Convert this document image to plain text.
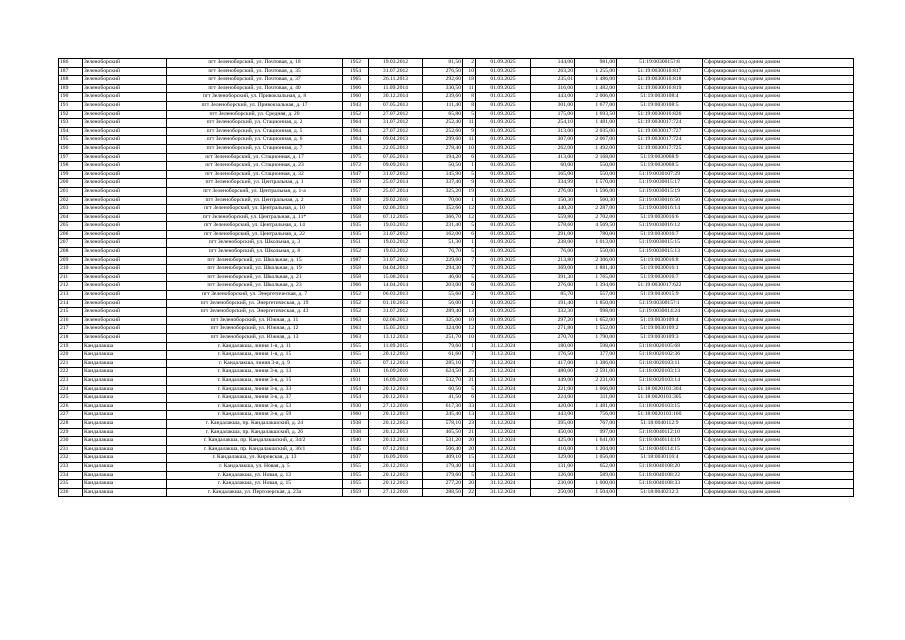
186	Зеленоборский	пгт Зеленоборский, ул. Почтовая, д. 18	1952	19.03.2012	81,50	2	01.09.2025	144,00	981,00	51:19:0030015?:8	Сформирован под одним домом
187	Зеленоборский	пгт Зеленоборский, ул. Почтовая, д. 35	1954	31.07.2012	276,50	10	01.09.2025	263,20	1 255,00	51:19:0030016:817	Сформирован под одним домом
188	Зеленоборский	пгт Зеленоборский, ул. Почтовая, д. 37	1965	26.11.2013	292,60	18	01.03.2025	235,01	1 486,00	51:19:0030016:818	Сформирован под одним домом
189	Зеленоборский	пгт Зеленоборский, ул. Почтовая, д. 40	1966	11.09.2014	330,50	11	01.09.2025	316,00	1 482,00	51:19:0030016:819	Сформирован под одним домом
190	Зеленоборский	пгт Зеленоборский, ул. Привокзальная, д. 8	1960	30.12.2014	239,60	8	01.03.2025	443,00	2 006,00	51:19:0030108:4	Сформирован под одним домом
191	Зеленоборский	пгт Зеленоборский, ул. Привокзальная, д. 17	1943	07.05.2013	111,40	8	01.09.2025	301,00	1 677,00	51:19:0030108:5	Сформирован под одним домом
192	Зеленоборский	пгт Зеленоборский, ул. Средняя, д. 20	1952	27.07.2012	65,80	5	01.09.2025	175,00	1 693,50	51:19:0030016:826	Сформирован под одним домом
193	Зеленоборский	пгт Зеленоборский, ул. Стационная, д. 2	1964	31.07.2012	252,40	11	01.09.2025	254,10	1 481,00	51:19:0030017:724	Сформирован под одним домом
194	Зеленоборский	пгт Зеленоборский, ул. Стационная, д. 5	1964	27.07.2012	252,60	9	01.09.2025	313,00	2 035,00	51:19:0030017:727	Сформирован под одним домом
195	Зеленоборский	пгт Зеленоборский, ул. Стационная, д. 6	1964	09.04.2013	299,60	11	01.09.2025	307,00	2 067,00	51:19:0030017:724	Сформирован под одним домом
196	Зеленоборский	пгт Зеленоборский, ул. Стационная, д. 7	1964	22.05.2013	278,40	10	01.09.2025	262,00	1 492,00	51:19:0030017:725	Сформирован под одним домом
197	Зеленоборский	пгт Зеленоборский, ул. Стационная, д. 17	1975	07.05.2013	194,20	6	01.09.2025	413,00	2 168,00	51:19:0030068:9	Сформирован под одним домом
198	Зеленоборский	пгт Зеленоборский, ул. Стационная, д. 23	1972	09.09.2013	50,50	1	01.09.2025	60,00	550,00	51:19:0030068:5	Сформирован под одним домом
199	Зеленоборский	пгт Зеленоборский, ул. Стационная, д. 32	1947	31.07.2012	145,90	5	01.09.2025	165,00	550,00	51:19:0030107:29	Сформирован под одним домом
200	Зеленоборский	пгт Зеленоборский, ул. Центральная, д. 1	1959	25.07.2014	337,40	9	01.09.2025	334,99	1 570,00	51:19:0030015:17	Сформирован под одним домом
201	Зеленоборский	пгт Зеленоборский, ул. Центральная, д. 1-а	1957	25.07.2014	325,20	19	01.03.2025	276,00	1 596,00	51:19:0030015:19	Сформирован под одним домом
202	Зеленоборский	пгт Зеленоборский, ул. Центральная, д. 2	1938	29.02.2016	70,00	1	01.09.2025	150,30	560,30	51:19:0030016:50	Сформирован под одним домом
203	Зеленоборский	пгт Зеленоборский, ул. Центральная, д. 10	1958	02.06.2013	352,60	12	01.09.2025	440,20	2 287,00	51:19:0030016:14	Сформирован под одним домом
204	Зеленоборский	пгт Зеленоборский, ул. Центральная, д. 11*	1958	07.12.2015	366,70	12	01.09.2025	559,80	2 702,00	51:19:0030016:6	Сформирован под одним домом
205	Зеленоборский	пгт Зеленоборский, ул. Центральная, д. 14	1935	19.03.2012	231,40	5	01.09.2025	578,60	4 569,50	51:19:0030016:12	Сформирован под одним домом
206	Зеленоборский	пгт Зеленоборский, ул. Центральная, д. 22	1935	31.07.2012	162,00	6	01.09.2025	291,00	780,00	51:19:0030016:7	Сформирован под одним домом
207	Зеленоборский	пгт Зеленоборский, ул. Школьная, д. 3	1951	19.03.2012	51,30	1	01.09.2025	238,00	1 013,00	51:19:0030015:15	Сформирован под одним домом
208	Зеленоборский	пгт Зеленоборский, ул. Школьная, д. 8	1952	19.03.2012	76,70	5	01.09.2025	76,00	550,00	51:19:0030015:13	Сформирован под одним домом
209	Зеленоборский	пгт Зеленоборский, ул. Школьная, д. 15	1987	31.07.2012	229,60	7	01.09.2025	213,80	2 306,00	51:19:0030016:8	Сформирован под одним домом
210	Зеленоборский	пгт Зеленоборский, ул. Школьная, д. 19	1958	04.04.2013	294,30	7	01.09.2025	369,00	1 881,40	51:19:0030016:1	Сформирован под одним домом
211	Зеленоборский	пгт Зеленоборский, ул. Школьная, д. 21	1958	15.08.2014	46,00	5	01.09.2025	391,30	1 765,00	51:19:0030016:7	Сформирован под одним домом
212	Зеленоборский	пгт Зеленоборский, ул. Школьная, д. 23	1966	14.04.2014	203,00	6	01.09.2025	276,00	1 394,06	51:19:0030017:622	Сформирован под одним домом
213	Зеленоборский	пгт Зеленоборский, ул. Энергетическая, д. 7	1952	06.03.2013	55,60	2	01.09.2025	85,70	557,00	51:19:0030015:9	Сформирован под одним домом
214	Зеленоборский	пгт Зеленоборский, ул. Энергетическая, д. 19	1952	01.10.2013	56,00	1	01.09.2025	191,40	1 850,00	51:19:0030015?:1	Сформирован под одним домом
215	Зеленоборский	пгт Зеленоборский, ул. Энергетическая, д. 43	1952	31.07.2012	289,40	13	01.09.2025	332,30	998,00	51:19:0030014:24	Сформирован под одним домом
216	Зеленоборский	пгт Зеленоборский, ул. Южная, д. 11	1963	02.06.2013	325,00	10	01.09.2025	297,20	1 652,00	51:19:0030109:4	Сформирован под одним домом
217	Зеленоборский	пгт Зеленоборский, ул. Южная, д. 12	1963	15.05.2013	324,00	12	01.09.2025	271,80	1 552,00	51:19:0030109:2	Сформирован под одним домом
218	Зеленоборский	пгт Зеленоборский, ул. Южная, д. 13	1963	13.12.2013	251,70	10	01.09.2025	270,70	1 790,00	51:19:0030109:3	Сформирован под одним домом
219	Кандалакша	г. Кандалакша, линия 1-я, д. 11	1955	11.09.2015	79,60	1	31.12.2024	180,00	598,00	51:18:0020105:68	Сформирован под одним домом
220	Кандалакша	г. Кандалакша, линия 1-я, д. 15	1955	20.12.2013	61,60	7	31.12.2024	176,50	377,00	51:18:0020102:36	Сформирован под одним домом
221	Кандалакша	г. Кандалакша, линия 3-я, д. 9	1925	07.12.2014	285,10	7	31.12.2024	417,00	1 386,00	51:18:0020103:11	Сформирован под одним домом
222	Кандалакша	г. Кандалакша, линия 3-я, д. 13	1931	16.09.2016	624,50	25	31.12.2024	480,00	2 591,00	51:18:0020103:13	Сформирован под одним домом
223	Кандалакша	г. Кандалакша, линия 3-я, д. 15	1931	16.09.2016	532,70	21	31.12.2024	449,00	2 231,00	51:18:0020103:14	Сформирован под одним домом
224	Кандалакша	г. Кандалакша, линия 3-я, д. 33	1954	20.12.2013	60,50	5	31.12.2024	221,00	1 066,00	51:18:0020103:304	Сформирован под одним домом
225	Кандалакша	г. Кандалакша, линия 3-я, д. 37	1954	20.12.2013	41,50	6	31.12.2024	224,00	311,00	51:18:0020103:305	Сформирован под одним домом
226	Кандалакша	г. Кандалакша, линия 3-я, д. 53	1930	27.12.2016	617,30	33	31.12.2024	420,00	1 481,00	51:18:0020103:15	Сформирован под одним домом
227	Кандалакша	г. Кандалакша, линия 3-я, д. 59	1960	20.12.2013	245,40	13	31.12.2024	443,00	756,00	51:18:0020103:160	Сформирован под одним домом
228	Кандалакша	г. Кандалакша, пр. Кандалакшский, д. 24	1938	20.12.2013	578,10	23	31.12.2024	395,00	767,00	51:18:0040112:9	Сформирован под одним домом
229	Кандалакша	г. Кандалакша, пр. Кандалакшский, д. 26	1938	20.12.2013	465,50	21	31.12.2024	450,00	997,00	51:18:0040112:10	Сформирован под одним домом
230	Кандалакша	г. Кандалакша, пр. Кандалакшский, д. 34/2	1940	20.12.2013	531,20	20	31.12.2024	425,00	1 641,00	51:18:0040114:19	Сформирован под одним домом
231	Кандалакша	г. Кандалакша, пр. Кандалакшский, д. 36/1	1945	07.12.2014	506,40	20	31.12.2024	410,00	1 204,00	51:18:0040114:15	Сформирован под одним домом
232	Кандалакша	г. Кандалакша, ул. Кировская, д. 13	1937	16.09.2016	409,10	15	31.12.2024	329,00	1 056,00	51:18:0030116:4	Сформирован под одним домом
233	Кандалакша	г. Кандалакша, ул. Новая, д. 5	1955	20.12.2013	179,40	14	31.12.2024	131,00	652,00	51:18:0040108:20	Сформирован под одним домом
234	Кандалакша	г. Кандалакша, ул. Новая, д. 13	1955	20.12.2013	179,60	5	31.12.2024	126,00	589,00	51:18:0040108:22	Сформирован под одним домом
235	Кандалакша	г. Кандалакша, ул. Новая, д. 15	1955	20.12.2013	277,20	20	31.12.2024	230,00	1 000,00	51:18:0040108:33	Сформирован под одним домом
236	Кандалакша	г. Кандалакша, ул. Пертозерская, д. 23а	1959	27.12.2016	288,50	22	31.12.2024	250,00	1 504,00	51:18:0040212:3	Сформирован под одним домом
